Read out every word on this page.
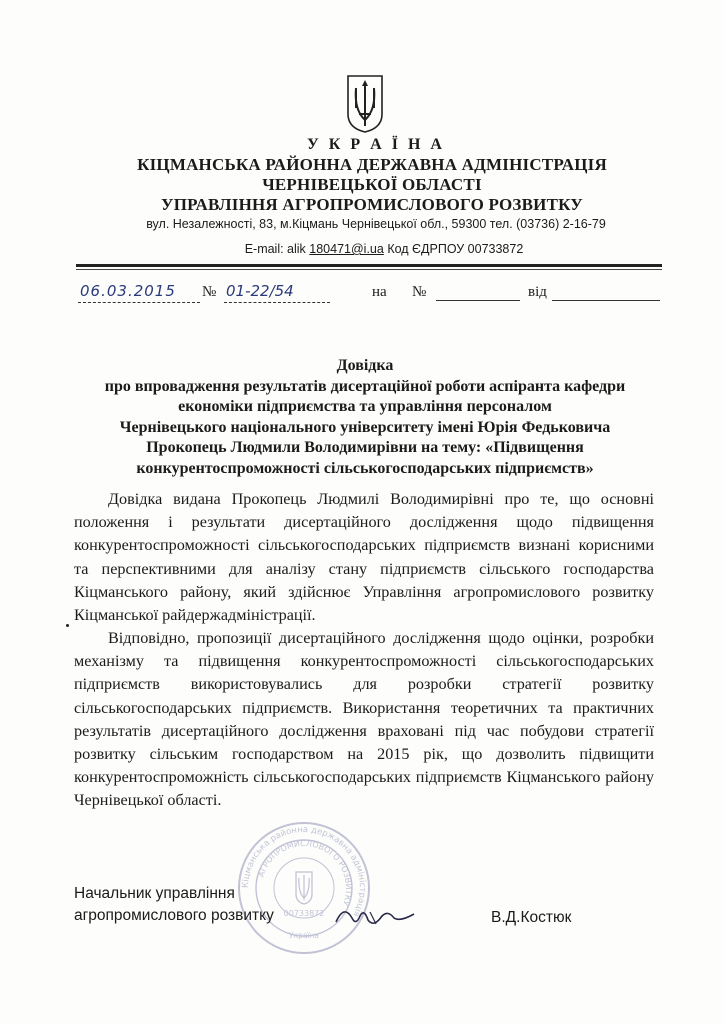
У К Р А Ї Н А
КІЦМАНСЬКА РАЙОННА ДЕРЖАВНА АДМІНІСТРАЦІЯ
ЧЕРНІВЕЦЬКОЇ ОБЛАСТІ
УПРАВЛІННЯ АГРОПРОМИСЛОВОГО РОЗВИТКУ
вул. Незалежності, 83, м.Кіцмань Чернівецької обл., 59300 тел. (03736) 2-16-79
E-mail: alik 180471@i.ua Код ЄДРПОУ 00733872
06.03.2015 № 01-22/54	на №	від
Довідка
про впровадження результатів дисертаційної роботи аспіранта кафедри
економіки підприємства та управління персоналом
Чернівецького національного університету імені Юрія Федьковича
Прокопець Людмили Володимирівни на тему: «Підвищення
конкурентоспроможності сільськогосподарських підприємств»
Довідка видана Прокопець Людмилі Володимирівні про те, що основні положення і результати дисертаційного дослідження щодо підвищення конкурентоспроможності сільськогосподарських підприємств визнані корисними та перспективними для аналізу стану підприємств сільського господарства Кіцманського району, який здійснює Управління агропромислового розвитку Кіцманської райдержадміністрації.
Відповідно, пропозиції дисертаційного дослідження щодо оцінки, розробки механізму та підвищення конкурентоспроможності сільськогосподарських підприємств використовувались для розробки стратегії розвитку сільськогосподарських підприємств. Використання теоретичних та практичних результатів дисертаційного дослідження враховані під час побудови стратегії розвитку сільським господарством на 2015 рік, що дозволить підвищити конкурентоспроможність сільськогосподарських підприємств Кіцманського району Чернівецької області.
Кіцманська районна державна адміністрація
АГРОПРОМИСЛОВОГО РОЗВИТКУ
00733872
Україна
Начальник управління
агропромислового розвитку	В.Д.Костюк
